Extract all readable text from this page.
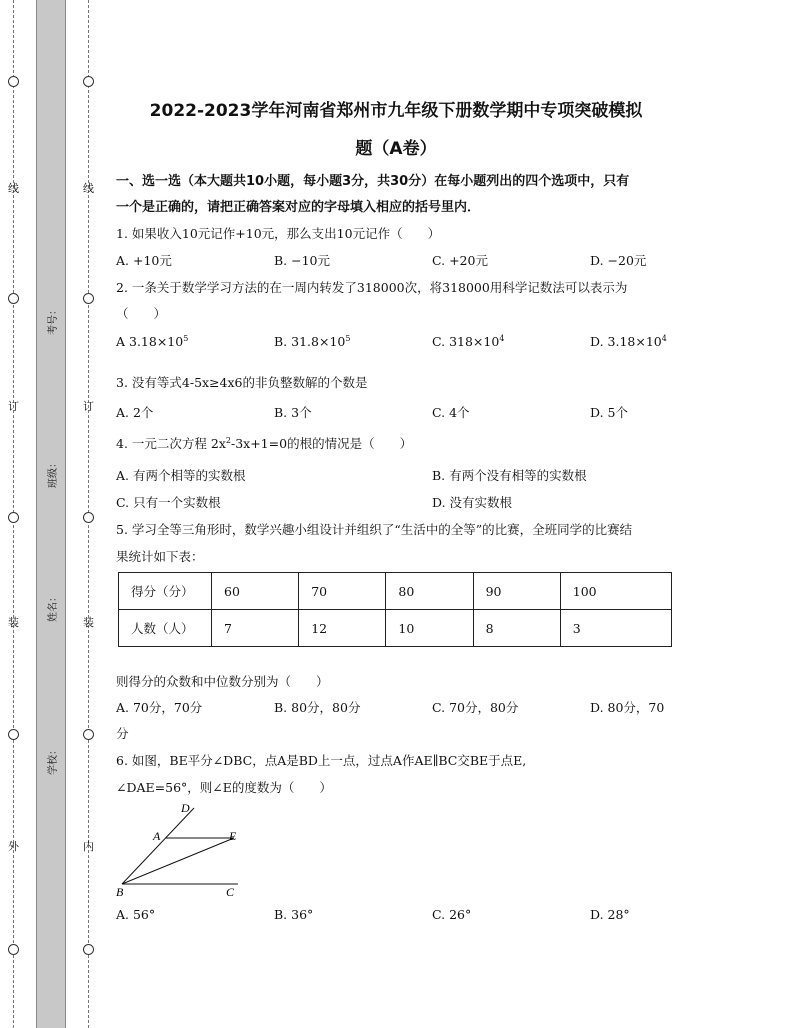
线
订
装
外
线
订
装
内
考号：
班级：
姓名：
学校：
2022-2023学年河南省郑州市九年级下册数学期中专项突破模拟
题（A卷）
一、选一选（本大题共10小题，每小题3分，共30分）在每小题列出的四个选项中，只有
一个是正确的，请把正确答案对应的字母填入相应的括号里内．
1. 如果收入10元记作+10元，那么支出10元记作（　　）
A. +10元	B. −10元	C. +20元	D. −20元
2. 一条关于数学学习方法的在一周内转发了318000次，将318000用科学记数法可以表示为
（　　）
A $3.18\times 10^5$	B. $31.8\times 10^5$	C. $318\times 10^4$	D. $3.18\times 10^4$
3. 没有等式4-5x≥4x6的非负整数解的个数是
A. 2个	B. 3个	C. 4个	D. 5个
4. 一元二次方程 $2x^2-3x+1=0$的根的情况是（　　）
A. 有两个相等的实数根	B. 有两个没有相等的实数根
C. 只有一个实数根	D. 没有实数根
5. 学习全等三角形时，数学兴趣小组设计并组织了“生活中的全等”的比赛，全班同学的比赛结
果统计如下表：
得分（分）	60	70	80	90	100
人数（人）	7	12	10	8	3
则得分的众数和中位数分别为（　　）
A. 70分，70分	B. 80分，80分	C. 70分，80分	D. 80分，70
分
6. 如图，BE平分∠DBC，点A是BD上一点，过点A作AE∥BC交BE于点E,
∠DAE=56°，则∠E的度数为（　　）
D
A	E
B	C
A. 56°	B. 36°	C. 26°	D. 28°
